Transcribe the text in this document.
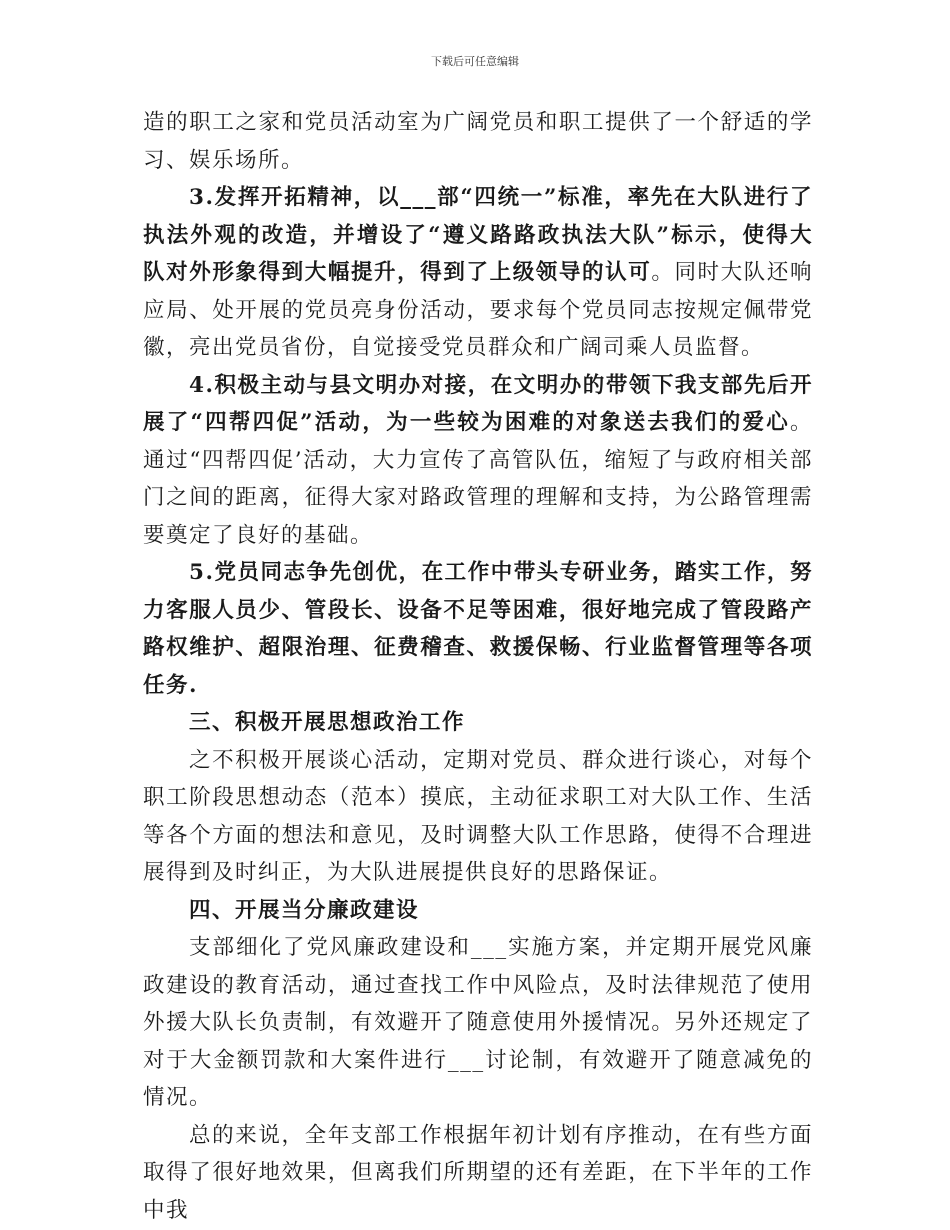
下载后可任意编辑

造的职工之家和党员活动室为广阔党员和职工提供了一个舒适的学习、娱乐场所。

3.发挥开拓精神，以___部“四统一”标准，率先在大队进行了执法外观的改造，并增设了“遵义路路政执法大队”标示，使得大队对外形象得到大幅提升，得到了上级领导的认可。同时大队还响应局、处开展的党员亮身份活动，要求每个党员同志按规定佩带党徽，亮出党员省份，自觉接受党员群众和广阔司乘人员监督。

4.积极主动与县文明办对接，在文明办的带领下我支部先后开展了“四帮四促”活动，为一些较为困难的对象送去我们的爱心。通过“四帮四促’活动，大力宣传了高管队伍，缩短了与政府相关部门之间的距离，征得大家对路政管理的理解和支持，为公路管理需要奠定了良好的基础。

5.党员同志争先创优，在工作中带头专研业务，踏实工作，努力客服人员少、管段长、设备不足等困难，很好地完成了管段路产路权维护、超限治理、征费稽查、救援保畅、行业监督管理等各项任务.

三、积极开展思想政治工作

之不积极开展谈心活动，定期对党员、群众进行谈心，对每个职工阶段思想动态（范本）摸底，主动征求职工对大队工作、生活等各个方面的想法和意见，及时调整大队工作思路，使得不合理进展得到及时纠正，为大队进展提供良好的思路保证。

四、开展当分廉政建设

支部细化了党风廉政建设和___实施方案，并定期开展党风廉政建设的教育活动，通过查找工作中风险点，及时法律规范了使用外援大队长负责制，有效避开了随意使用外援情况。另外还规定了对于大金额罚款和大案件进行___讨论制，有效避开了随意减免的情况。

总的来说，全年支部工作根据年初计划有序推动，在有些方面取得了很好地效果，但离我们所期望的还有差距，在下半年的工作中我
